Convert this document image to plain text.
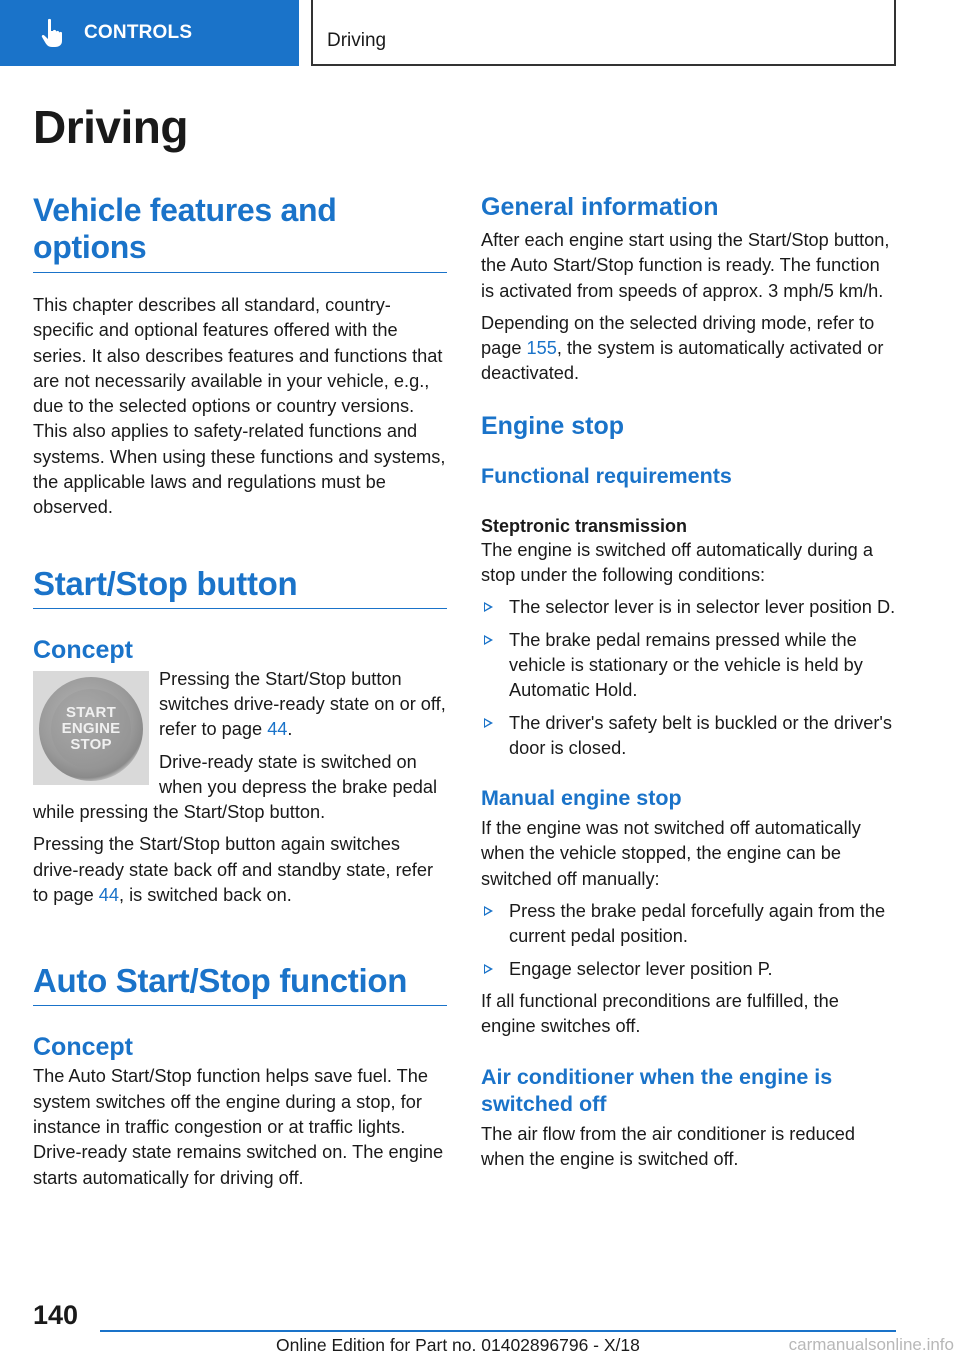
CONTROLS	Driving
Driving
Vehicle features and
options

This chapter describes all standard, country-specific and optional features offered with the series. It also describes features and functions that are not necessarily available in your vehicle, e.g., due to the selected options or country versions. This also applies to safety-related functions and systems. When using these functions and systems, the applicable laws and regulations must be observed.

Start/Stop button
Concept
START
ENGINE
STOP

Pressing the Start/Stop button switches drive-ready state on or off, refer to page 44.

Drive-ready state is switched on when you depress the brake pedal while pressing the Start/Stop button.

Pressing the Start/Stop button again switches drive-ready state back off and standby state, refer to page 44, is switched back on.

Auto Start/Stop function
Concept

The Auto Start/Stop function helps save fuel. The system switches off the engine during a stop, for instance in traffic congestion or at traffic lights. Drive-ready state remains switched on. The engine starts automatically for driving off.

General information

After each engine start using the Start/Stop button, the Auto Start/Stop function is ready. The function is activated from speeds of approx. 3 mph/5 km/h.

Depending on the selected driving mode, refer to page 155, the system is automatically activated or deactivated.

Engine stop
Functional requirements
Steptronic transmission

The engine is switched off automatically during a stop under the following conditions:

The selector lever is in selector lever position D.
The brake pedal remains pressed while the vehicle is stationary or the vehicle is held by Automatic Hold.
The driver's safety belt is buckled or the driver's door is closed.
Manual engine stop

If the engine was not switched off automatically when the vehicle stopped, the engine can be switched off manually:

Press the brake pedal forcefully again from the current pedal position.
Engage selector lever position P.

If all functional preconditions are fulfilled, the engine switches off.

Air conditioner when the engine is switched off

The air flow from the air conditioner is reduced when the engine is switched off.

140
Online Edition for Part no. 01402896796 - X/18	carmanualsonline.info
